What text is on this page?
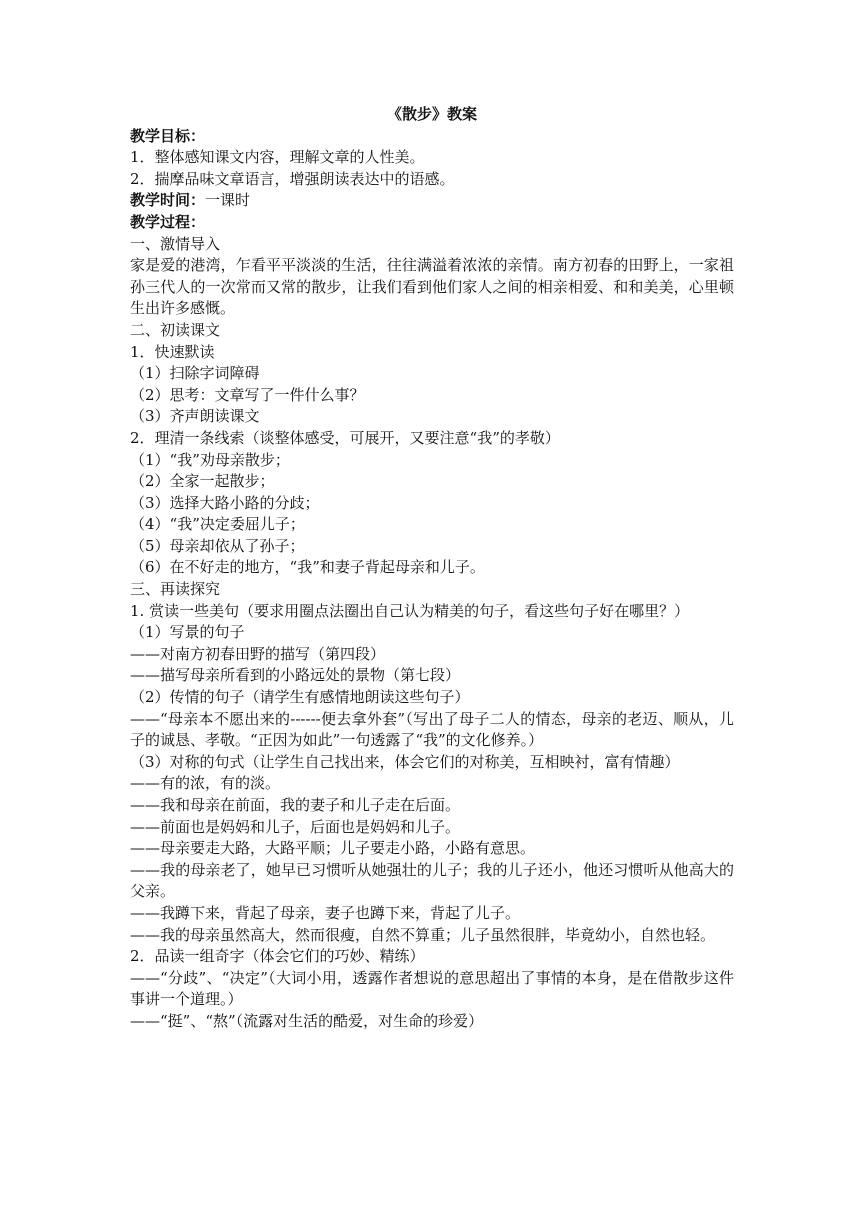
《散步》教案

教学目标：

1．整体感知课文内容，理解文章的人性美。

2．揣摩品味文章语言，增强朗读表达中的语感。

教学时间：一课时

教学过程：

一、激情导入

家是爱的港湾，乍看平平淡淡的生活，往往满溢着浓浓的亲情。南方初春的田野上，一家祖孙三代人的一次常而又常的散步，让我们看到他们家人之间的相亲相爱、和和美美，心里顿生出许多感慨。

二、初读课文

1．快速默读

（1）扫除字词障碍

（2）思考：文章写了一件什么事？

（3）齐声朗读课文

2．理清一条线索（谈整体感受，可展开，又要注意“我”的孝敬）

（1）“我”劝母亲散步；

（2）全家一起散步；

（3）选择大路小路的分歧；

（4）“我”决定委屈儿子；

（5）母亲却依从了孙子；

（6）在不好走的地方，“我”和妻子背起母亲和儿子。

三、再读探究

1. 赏读一些美句（要求用圈点法圈出自己认为精美的句子，看这些句子好在哪里？）

（1）写景的句子

——对南方初春田野的描写（第四段）

——描写母亲所看到的小路远处的景物（第七段）

（2）传情的句子（请学生有感情地朗读这些句子）

——“母亲本不愿出来的------便去拿外套”（写出了母子二人的情态，母亲的老迈、顺从，儿子的诚恳、孝敬。“正因为如此”一句透露了“我”的文化修养。）

（3）对称的句式（让学生自己找出来，体会它们的对称美，互相映衬，富有情趣）

——有的浓，有的淡。

——我和母亲在前面，我的妻子和儿子走在后面。

——前面也是妈妈和儿子，后面也是妈妈和儿子。

——母亲要走大路，大路平顺；儿子要走小路，小路有意思。

——我的母亲老了，她早已习惯听从她强壮的儿子；我的儿子还小，他还习惯听从他高大的父亲。

——我蹲下来，背起了母亲，妻子也蹲下来，背起了儿子。

——我的母亲虽然高大，然而很瘦，自然不算重；儿子虽然很胖，毕竟幼小，自然也轻。

2．品读一组奇字（体会它们的巧妙、精练）

——“分歧”、“决定”（大词小用，透露作者想说的意思超出了事情的本身，是在借散步这件事讲一个道理。）

——“挺”、“熬”（流露对生活的酷爱，对生命的珍爱）
